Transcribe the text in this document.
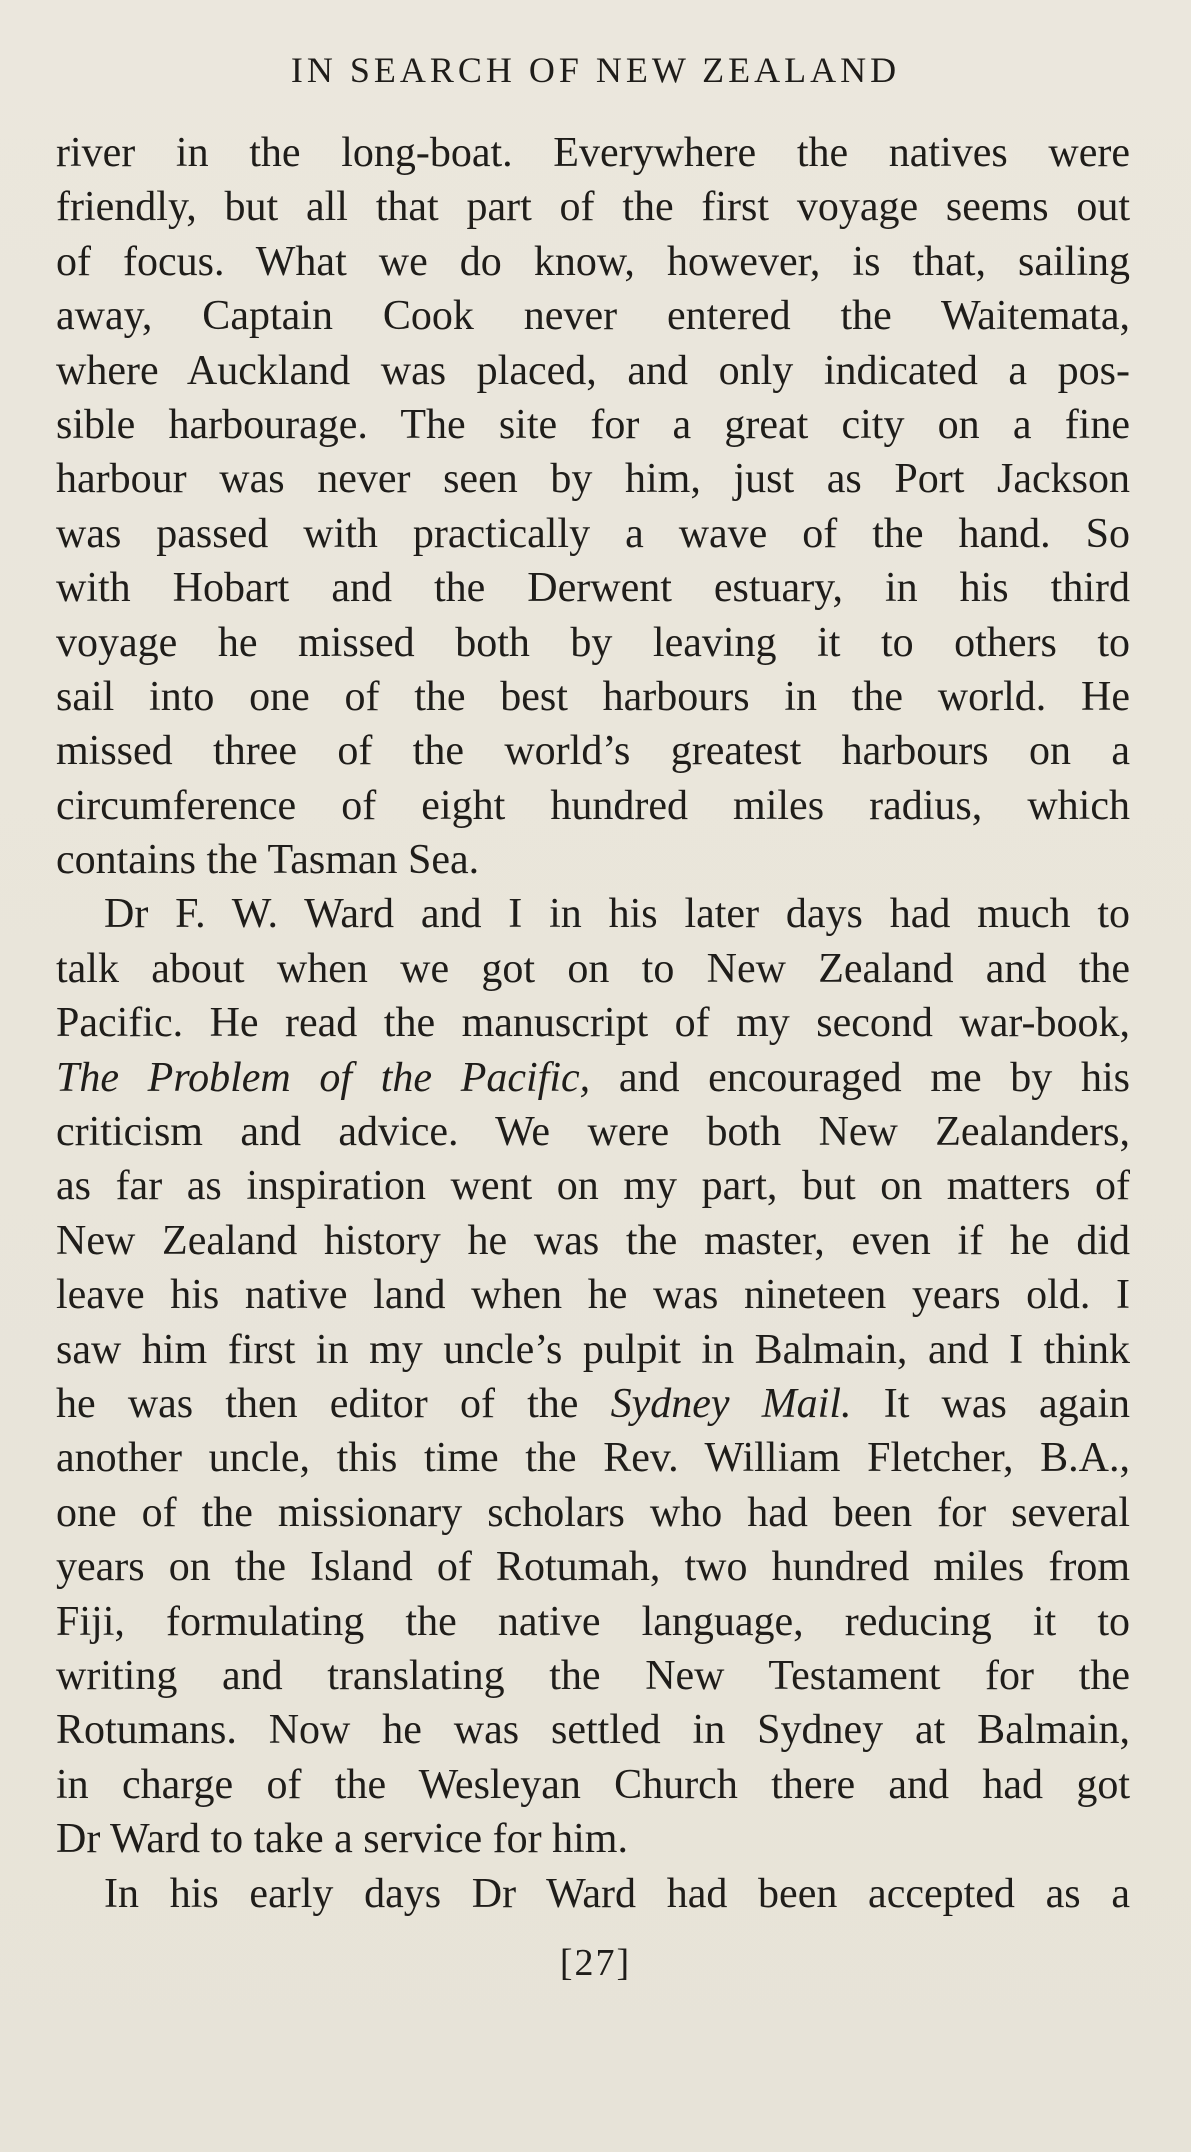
IN SEARCH OF NEW ZEALAND
river in the long-boat. Everywhere the natives were
friendly, but all that part of the first voyage seems out
of focus. What we do know, however, is that, sailing
away, Captain Cook never entered the Waitemata,
where Auckland was placed, and only indicated a pos-
sible harbourage. The site for a great city on a fine
harbour was never seen by him, just as Port Jackson
was passed with practically a wave of the hand. So
with Hobart and the Derwent estuary, in his third
voyage he missed both by leaving it to others to
sail into one of the best harbours in the world. He
missed three of the world’s greatest harbours on a
circumference of eight hundred miles radius, which
contains the Tasman Sea.
Dr F. W. Ward and I in his later days had much to
talk about when we got on to New Zealand and the
Pacific. He read the manuscript of my second war-book,
The Problem of the Pacific, and encouraged me by his
criticism and advice. We were both New Zealanders,
as far as inspiration went on my part, but on matters of
New Zealand history he was the master, even if he did
leave his native land when he was nineteen years old. I
saw him first in my uncle’s pulpit in Balmain, and I think
he was then editor of the Sydney Mail. It was again
another uncle, this time the Rev. William Fletcher, B.A.,
one of the missionary scholars who had been for several
years on the Island of Rotumah, two hundred miles from
Fiji, formulating the native language, reducing it to
writing and translating the New Testament for the
Rotumans. Now he was settled in Sydney at Balmain,
in charge of the Wesleyan Church there and had got
Dr Ward to take a service for him.
In his early days Dr Ward had been accepted as a
[27]
